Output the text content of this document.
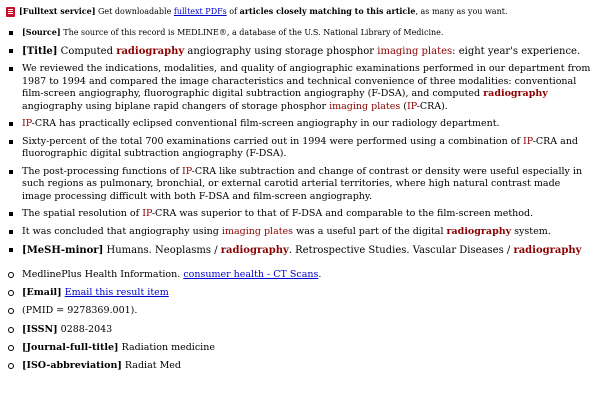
[Fulltext service] Get downloadable fulltext PDFs of articles closely matching to this article, as many as you want.
[Source] The source of this record is MEDLINE®, a database of the U.S. National Library of Medicine.
[Title] Computed radiography angiography using storage phosphor imaging plates: eight year's experience.
We reviewed the indications, modalities, and quality of angiographic examinations performed in our department from 1987 to 1994 and compared the image characteristics and technical convenience of three modalities: conventional film-screen angiography, fluorographic digital subtraction angiography (F-DSA), and computed radiography angiography using biplane rapid changers of storage phosphor imaging plates (IP-CRA).
IP-CRA has practically eclipsed conventional film-screen angiography in our radiology department.
Sixty-percent of the total 700 examinations carried out in 1994 were performed using a combination of IP-CRA and fluorographic digital subtraction angiography (F-DSA).
The post-processing functions of IP-CRA like subtraction and change of contrast or density were useful especially in such regions as pulmonary, bronchial, or external carotid arterial territories, where high natural contrast made image processing difficult with both F-DSA and film-screen angiography.
The spatial resolution of IP-CRA was superior to that of F-DSA and comparable to the film-screen method.
It was concluded that angiography using imaging plates was a useful part of the digital radiography system.
[MeSH-minor] Humans. Neoplasms / radiography. Retrospective Studies. Vascular Diseases / radiography
MedlinePlus Health Information. consumer health - CT Scans.
[Email] Email this result item
(PMID = 9278369.001).
[ISSN] 0288-2043
[Journal-full-title] Radiation medicine
[ISO-abbreviation] Radiat Med
